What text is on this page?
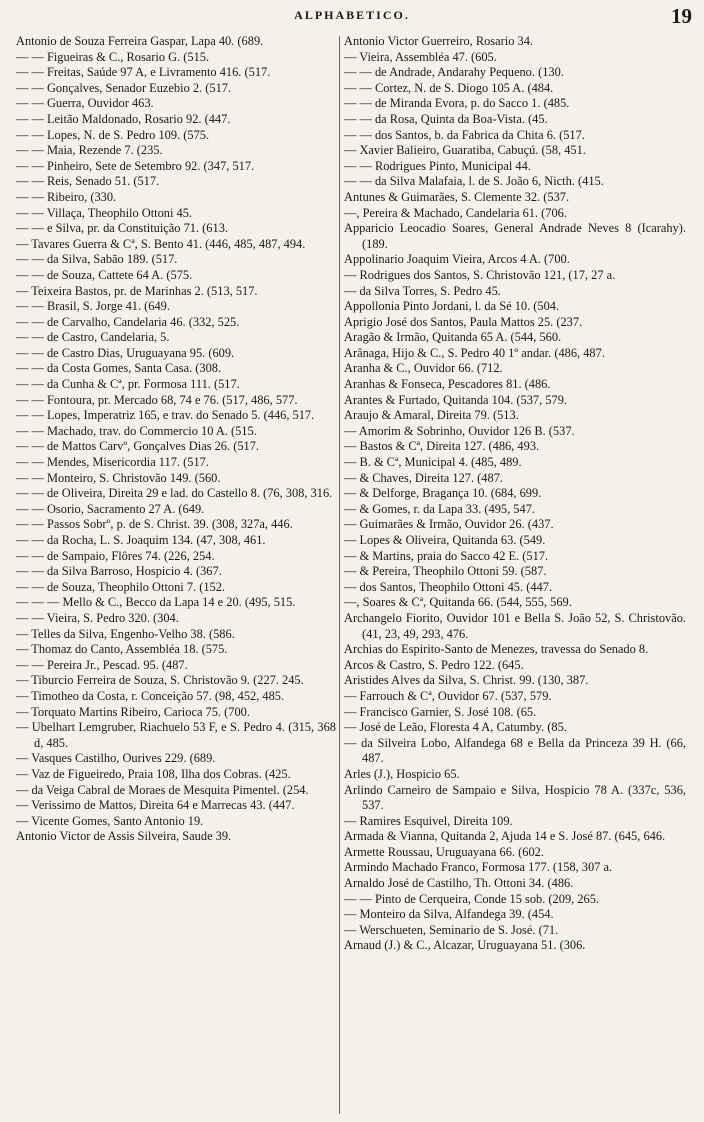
ALPHABETICO.	19

Antonio de Souza Ferreira Gaspar, Lapa 40. (689.

— — Figueiras & C., Rosario G. (515.

— — Freitas, Saúde 97 A, e Livramento 416. (517.

— — Gonçalves, Senador Euzebio 2. (517.

— — Guerra, Ouvidor 463.

— — Leitão Maldonado, Rosario 92. (447.

— — Lopes, N. de S. Pedro 109. (575.

— — Maia, Rezende 7. (235.

— — Pinheiro, Sete de Setembro 92. (347, 517.

— — Reis, Senado 51. (517.

— — Ribeiro, (330.

— — Villaça, Theophilo Ottoni 45.

— — e Silva, pr. da Constituição 71. (613.

— Tavares Guerra & Cª, S. Bento 41. (446, 485, 487, 494.

— — da Silva, Sabão 189. (517.

— — de Souza, Cattete 64 A. (575.

— Teixeira Bastos, pr. de Marinhas 2. (513, 517.

— — Brasil, S. Jorge 41. (649.

— — de Carvalho, Candelaria 46. (332, 525.

— — de Castro, Candelaria, 5.

— — de Castro Dias, Uruguayana 95. (609.

— — da Costa Gomes, Santa Casa. (308.

— — da Cunha & Cª, pr. Formosa 111. (517.

— — Fontoura, pr. Mercado 68, 74 e 76. (517, 486, 577.

— — Lopes, Imperatriz 165, e trav. do Senado 5. (446, 517.

— — Machado, trav. do Commercio 10 A. (515.

— — de Mattos Carvº, Gonçalves Dias 26. (517.

— — Mendes, Misericordia 117. (517.

— — Monteiro, S. Christovão 149. (560.

— — de Oliveira, Direita 29 e lad. do Castello 8. (76, 308, 316.

— — Osorio, Sacramento 27 A. (649.

— — Passos Sobrº, p. de S. Christ. 39. (308, 327a, 446.

— — da Rocha, L. S. Joaquim 134. (47, 308, 461.

— — de Sampaio, Flôres 74. (226, 254.

— — da Silva Barroso, Hospicio 4. (367.

— — de Souza, Theophilo Ottoni 7. (152.

— — — Mello & C., Becco da Lapa 14 e 20. (495, 515.

— — Vieira, S. Pedro 320. (304.

— Telles da Silva, Engenho-Velho 38. (586.

— Thomaz do Canto, Assembléa 18. (575.

— — Pereira Jr., Pescad. 95. (487.

— Tiburcio Ferreira de Souza, S. Christovão 9. (227. 245.

— Timotheo da Costa, r. Conceição 57. (98, 452, 485.

— Torquato Martins Ribeiro, Carioca 75. (700.

— Ubelhart Lemgruber, Riachuelo 53 F, e S. Pedro 4. (315, 368 d, 485.

— Vasques Castilho, Ourives 229. (689.

— Vaz de Figueiredo, Praia 108, Ilha dos Cobras. (425.

— da Veiga Cabral de Moraes de Mesquita Pimentel. (254.

— Verissimo de Mattos, Direita 64 e Marrecas 43. (447.

— Vicente Gomes, Santo Antonio 19.

Antonio Victor de Assis Silveira, Saude 39.

Antonio Victor Guerreiro, Rosario 34.

— Vieira, Assembléa 47. (605.

— — de Andrade, Andarahy Pequeno. (130.

— — Cortez, N. de S. Diogo 105 A. (484.

— — de Miranda Evora, p. do Sacco 1. (485.

— — da Rosa, Quinta da Boa-Vista. (45.

— — dos Santos, b. da Fabrica da Chita 6. (517.

— Xavier Balieiro, Guaratiba, Cabuçú. (58, 451.

— — Rodrigues Pinto, Municipal 44.

— — da Silva Malafaia, l. de S. João 6, Nicth. (415.

Antunes & Guimarães, S. Clemente 32. (537.

—, Pereira & Machado, Candelaria 61. (706.

Apparicio Leocadio Soares, General Andrade Neves 8 (Icarahy). (189.

Appolinario Joaquim Vieira, Arcos 4 A. (700.

— Rodrigues dos Santos, S. Christovão 121, (17, 27 a.

— da Silva Torres, S. Pedro 45.

Appollonia Pinto Jordani, l. da Sé 10. (504.

Aprigio José dos Santos, Paula Mattos 25. (237.

Aragão & Irmão, Quitanda 65 A. (544, 560.

Arânaga, Hijo & C., S. Pedro 40 1º andar. (486, 487.

Aranha & C., Ouvidor 66. (712.

Aranhas & Fonseca, Pescadores 81. (486.

Arantes & Furtado, Quitanda 104. (537, 579.

Araujo & Amaral, Direita 79. (513.

— Amorim & Sobrinho, Ouvidor 126 B. (537.

— Bastos & Cª, Direita 127. (486, 493.

— B. & Cª, Municipal 4. (485, 489.

— & Chaves, Direita 127. (487.

— & Delforge, Bragança 10. (684, 699.

— & Gomes, r. da Lapa 33. (495, 547.

— Guimarães & Irmão, Ouvidor 26. (437.

— Lopes & Oliveira, Quitanda 63. (549.

— & Martins, praia do Sacco 42 E. (517.

— & Pereira, Theophilo Ottoni 59. (587.

— dos Santos, Theophilo Ottoni 45. (447.

—, Soares & Cª, Quitanda 66. (544, 555, 569.

Archangelo Fiorito, Ouvidor 101 e Bella S. João 52, S. Christovão. (41, 23, 49, 293, 476.

Archias do Espirito-Santo de Menezes, travessa do Senado 8.

Arcos & Castro, S. Pedro 122. (645.

Aristides Alves da Silva, S. Christ. 99. (130, 387.

— Farrouch & Cª, Ouvidor 67. (537, 579.

— Francisco Garnier, S. José 108. (65.

— José de Leão, Floresta 4 A, Catumby. (85.

— da Silveira Lobo, Alfandega 68 e Bella da Princeza 39 H. (66, 487.

Arles (J.), Hospicio 65.

Arlindo Carneiro de Sampaio e Silva, Hospicio 78 A. (337c, 536, 537.

— Ramires Esquivel, Direita 109.

Armada & Vianna, Quitanda 2, Ajuda 14 e S. José 87. (645, 646.

Armette Roussau, Uruguayana 66. (602.

Armindo Machado Franco, Formosa 177. (158, 307 a.

Arnaldo José de Castilho, Th. Ottoni 34. (486.

— — Pinto de Cerqueira, Conde 15 sob. (209, 265.

— Monteiro da Silva, Alfandega 39. (454.

— Werschueten, Seminario de S. José. (71.

Arnaud (J.) & C., Alcazar, Uruguayana 51. (306.
